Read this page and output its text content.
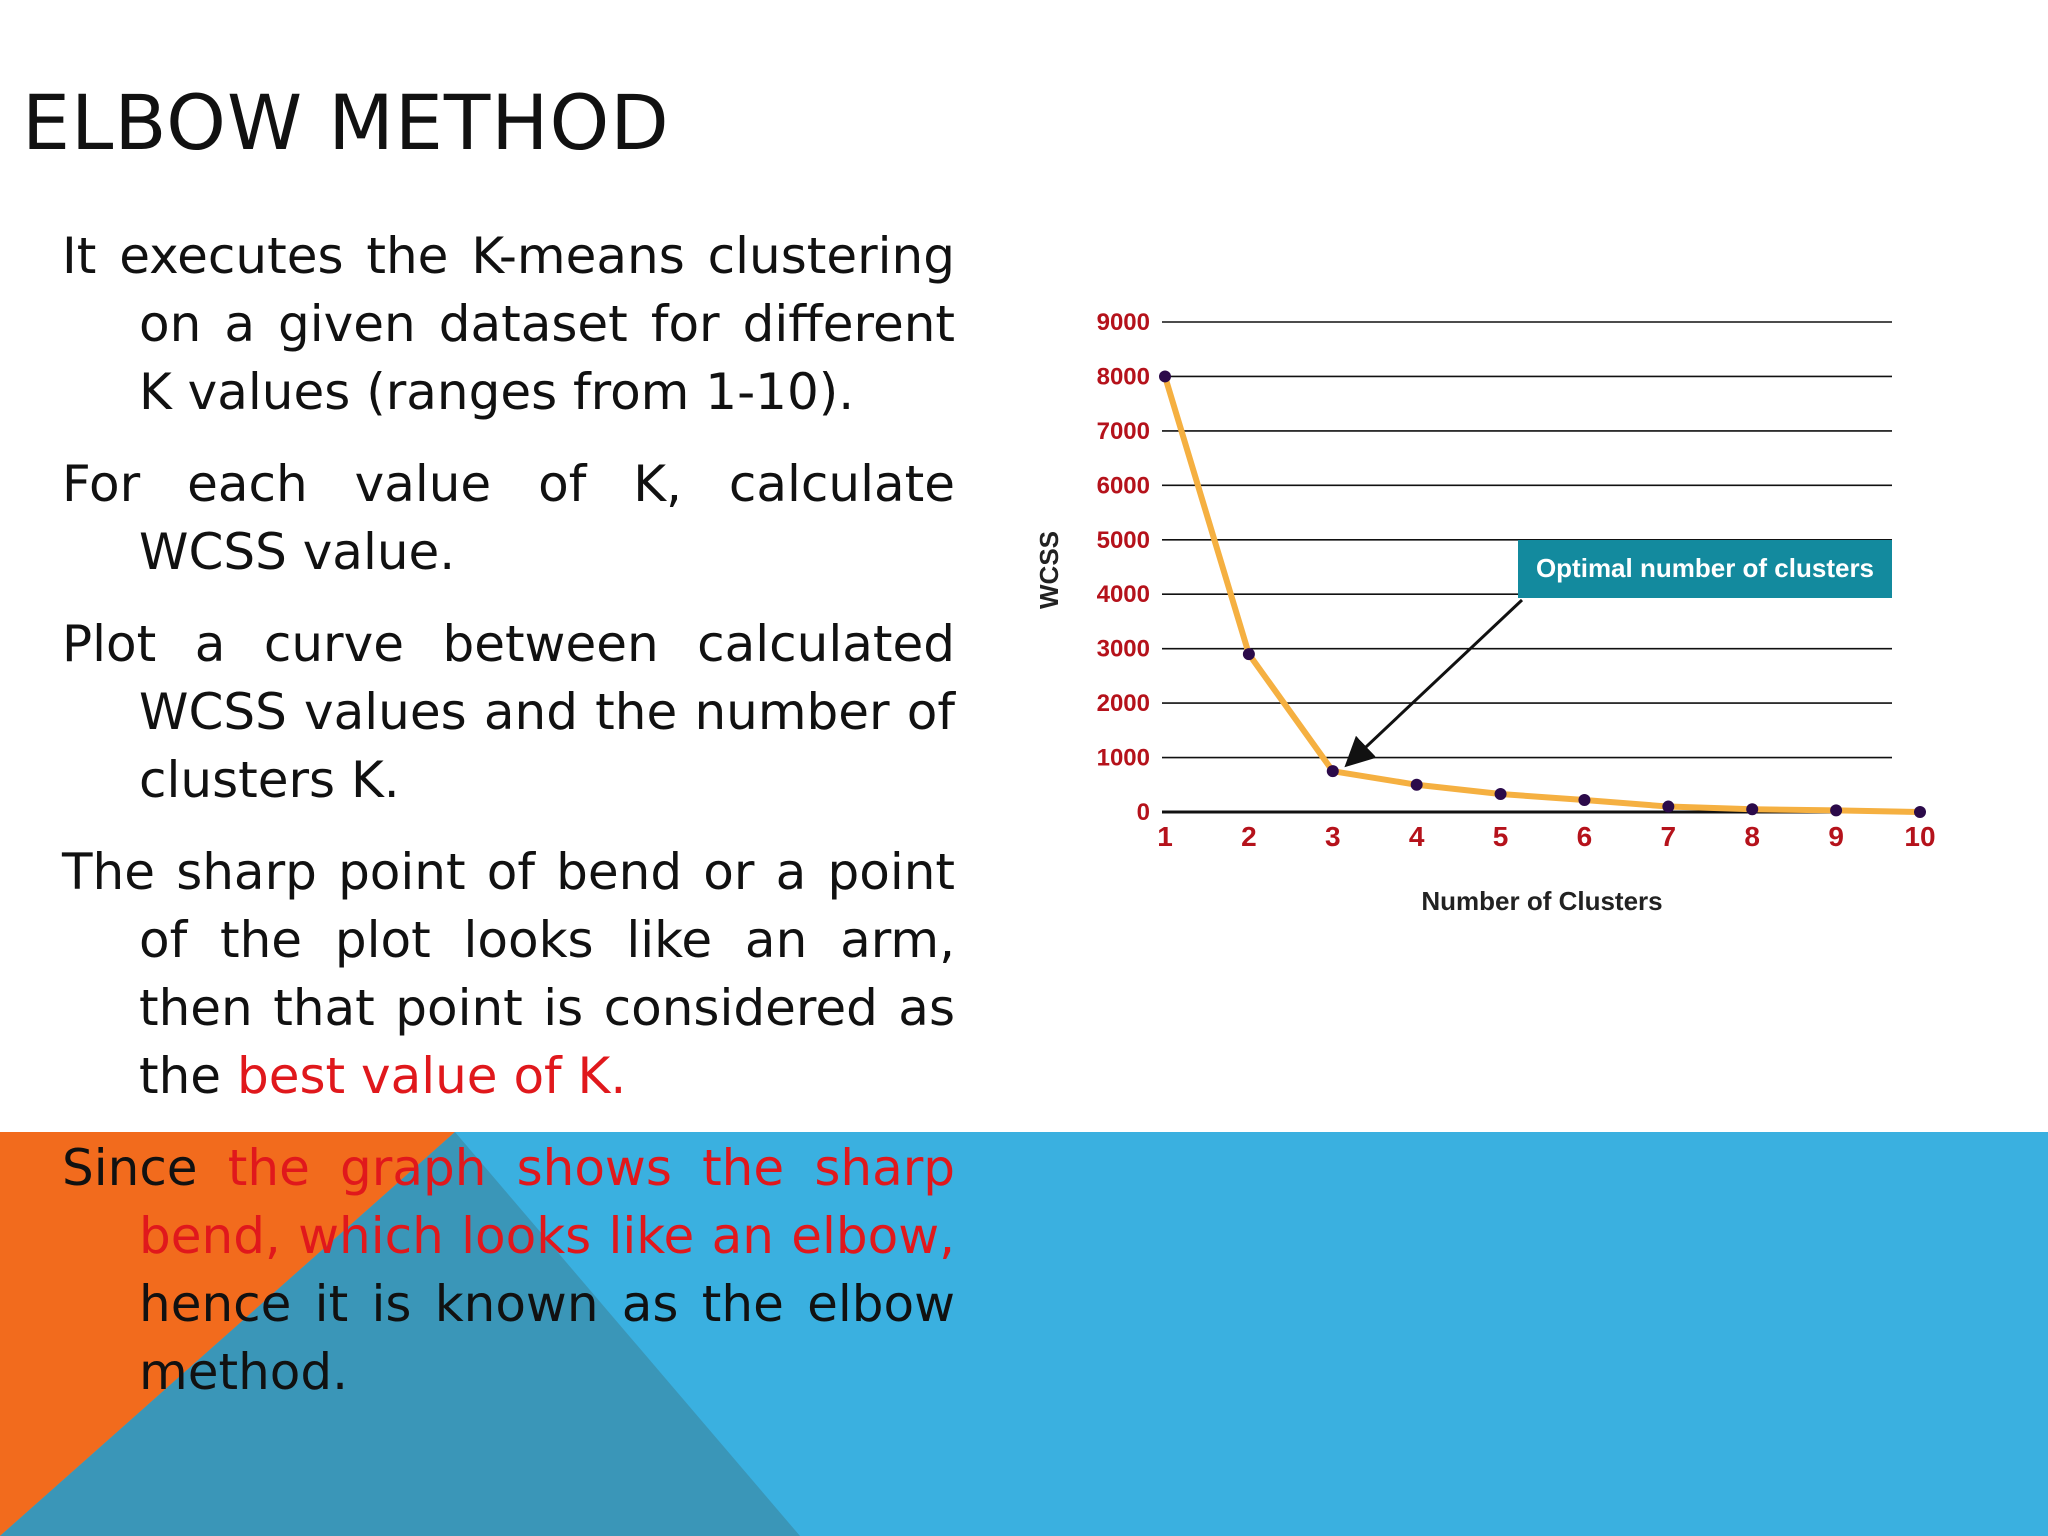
ELBOW METHOD

It executes the K-means clustering on a given dataset for different K values (ranges from 1-10).

For each value of K, calculate WCSS value.

Plot a curve between calculated WCSS values and the number of clusters K.

The sharp point of bend or a point of the plot looks like an arm, then that point is considered as the best value of K.

Since the graph shows the sharp bend, which looks like an elbow, hence it is known as the elbow method.

0
1000
2000
3000
4000
5000
6000
7000
8000
9000
1 2 3 4 5 6 7 8 9 10
Number of Clusters
WCSS	Optimal number of clusters
